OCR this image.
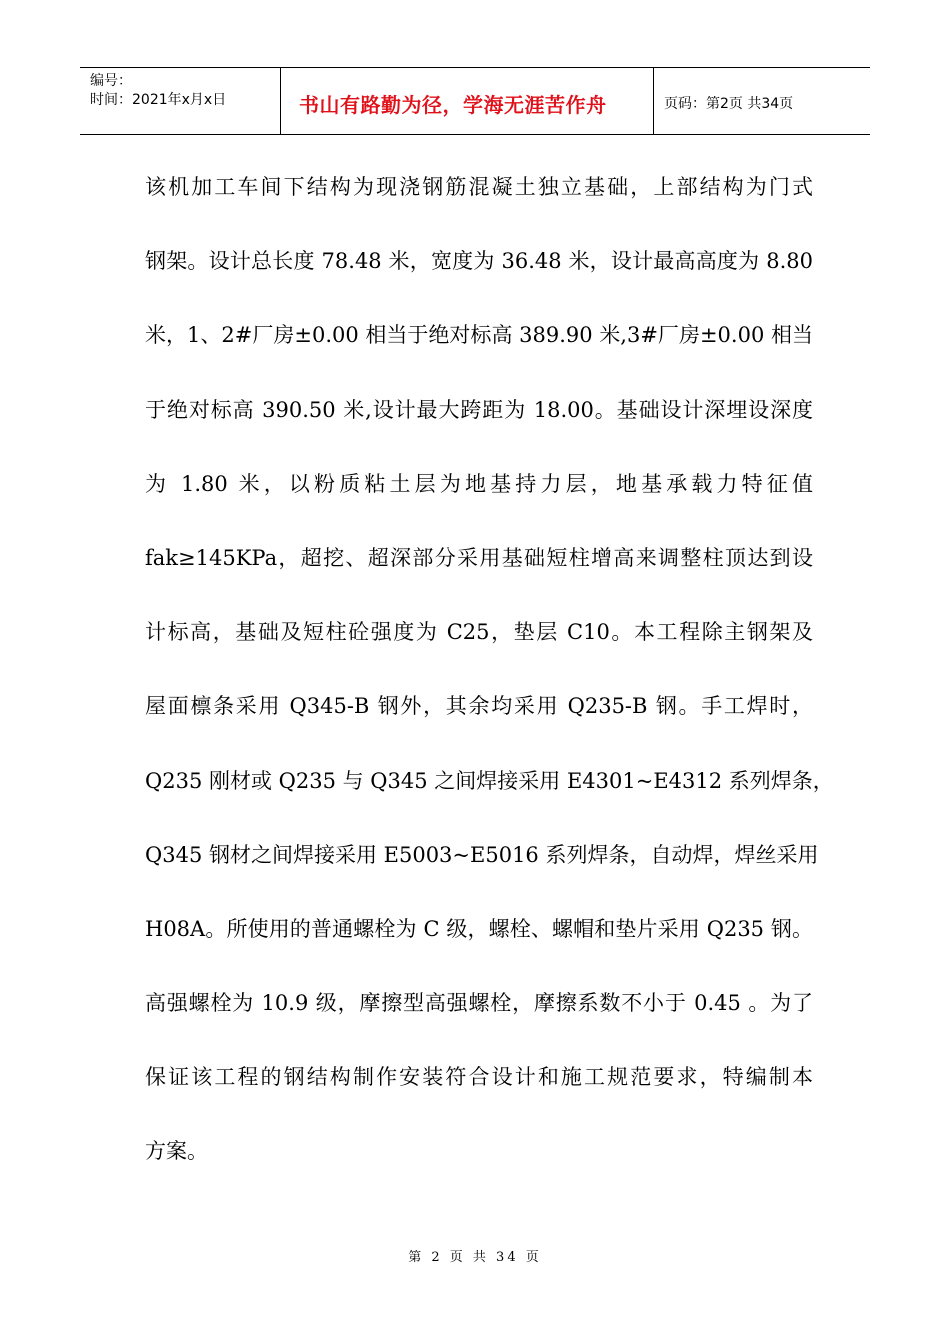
编号：
时间：2021年x月x日	书山有路勤为径，学海无涯苦作舟	页码：第2页 共34页
该机加工车间下结构为现浇钢筋混凝土独立基础，上部结构为门式
钢架。设计总长度 78.48 米，宽度为 36.48 米，设计最高高度为 8.80
米，1、2#厂房±0.00 相当于绝对标高 389.90 米,3#厂房±0.00 相当
于绝对标高 390.50 米,设计最大跨距为 18.00。基础设计深埋设深度
为 1.80 米，以粉质粘土层为地基持力层，地基承载力特征值
fak≥145KPa，超挖、超深部分采用基础短柱增高来调整柱顶达到设
计标高，基础及短柱砼强度为 C25，垫层 C10。本工程除主钢架及
屋面檩条采用 Q345-B 钢外，其余均采用 Q235-B 钢。手工焊时，
Q235 刚材或 Q235 与 Q345 之间焊接采用 E4301~E4312 系列焊条，
Q345 钢材之间焊接采用 E5003~E5016 系列焊条，自动焊，焊丝采用
H08A。所使用的普通螺栓为 C 级，螺栓、螺帽和垫片采用 Q235 钢。
高强螺栓为 10.9 级，摩擦型高强螺栓，摩擦系数不小于 0.45 。为了
保证该工程的钢结构制作安装符合设计和施工规范要求，特编制本
方案。
第 2 页 共 34 页
